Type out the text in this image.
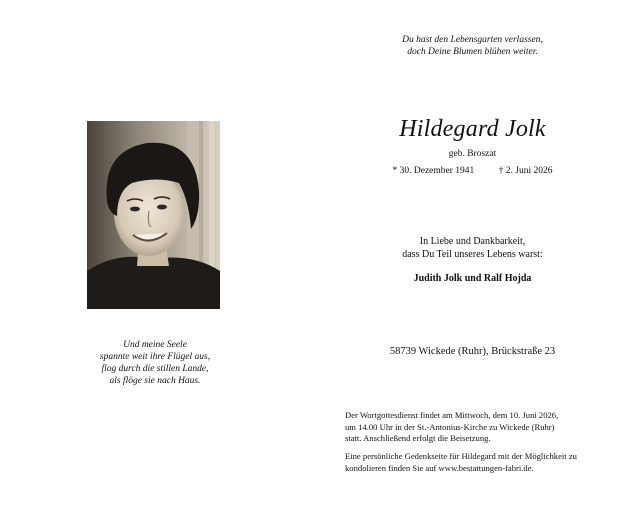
Und meine Seele
spannte weit ihre Flügel aus,
flog durch die stillen Lande,
als flöge sie nach Haus.
Du hast den Lebensgarten verlassen,
doch Deine Blumen blühen weiter.
Hildegard Jolk
geb. Broszat
* 30. Dezember 1941	† 2. Juni 2026
In Liebe und Dankbarkeit,
dass Du Teil unseres Lebens warst:
Judith Jolk und Ralf Hojda
58739 Wickede (Ruhr), Brückstraße 23
Der Wortgottesdienst findet am Mittwoch, dem 10. Juni 2026,
um 14.00 Uhr in der St.-Antonius-Kirche zu Wickede (Ruhr)
statt. Anschließend erfolgt die Beisetzung.
Eine persönliche Gedenkseite für Hildegard mit der Möglichkeit zu
kondolieren finden Sie auf www.bestattungen-fabri.de.
